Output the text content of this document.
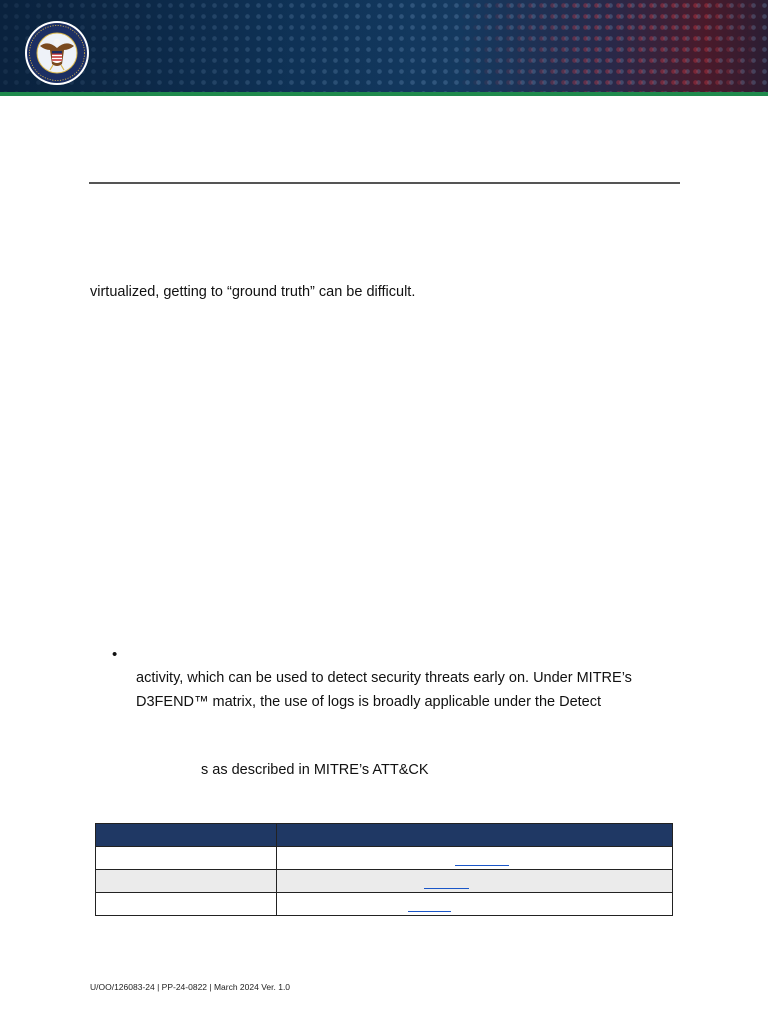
virtualized, getting to “ground truth” can be difficult.

•

activity, which can be used to detect security threats early on. Under MITRE’s
D3FEND™ matrix, the use of logs is broadly applicable under the Detect

s as described in MITRE’s ATT&CK

U/OO/126083-24 | PP-24-0822 | March 2024 Ver. 1.0
